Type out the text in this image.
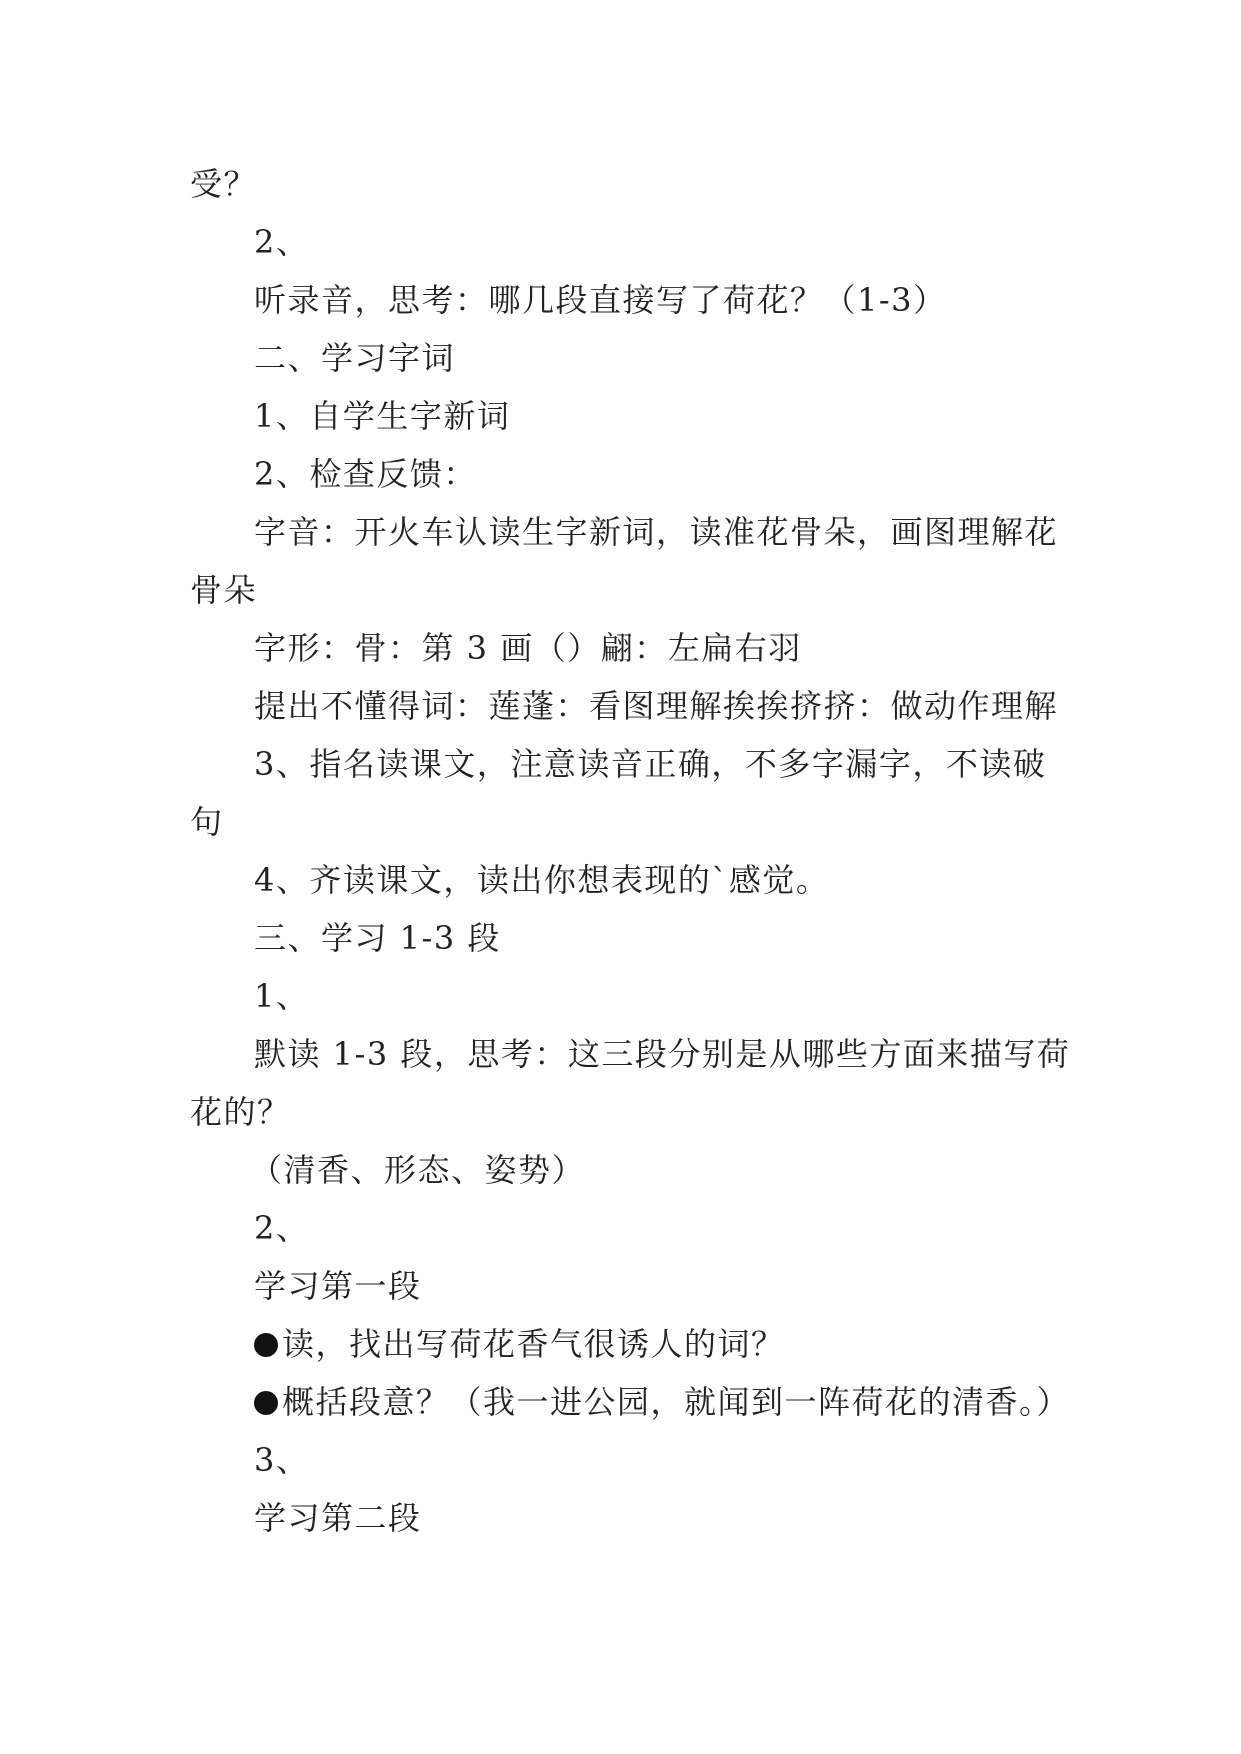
受？
2、
听录音，思考：哪几段直接写了荷花？（1-3）
二、学习字词
1、自学生字新词
2、检查反馈：
字音：开火车认读生字新词，读准花骨朵，画图理解花
骨朵
字形：骨：第 3 画（）翩：左扁右羽
提出不懂得词：莲蓬：看图理解挨挨挤挤：做动作理解
3、指名读课文，注意读音正确，不多字漏字，不读破
句
4、齐读课文，读出你想表现的`感觉。
三、学习 1-3 段
1、
默读 1-3 段，思考：这三段分别是从哪些方面来描写荷
花的？
（清香、形态、姿势）
2、
学习第一段
读，找出写荷花香气很诱人的词？
概括段意？（我一进公园，就闻到一阵荷花的清香。）
3、
学习第二段
